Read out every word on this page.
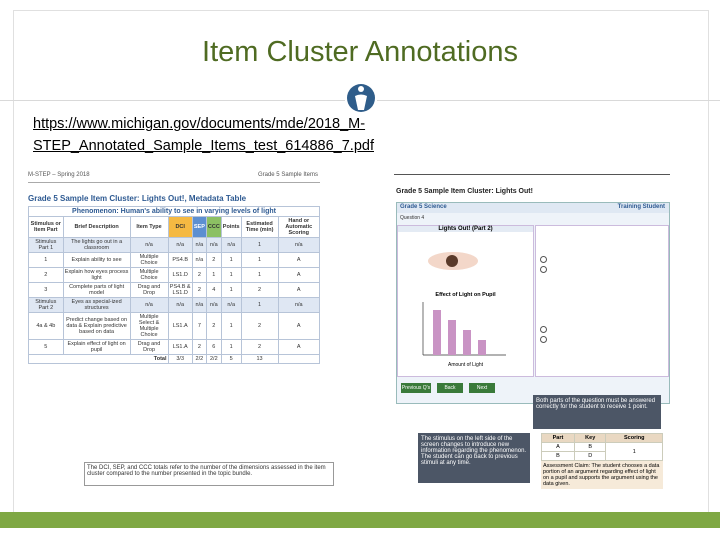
Item Cluster Annotations
https://www.michigan.gov/documents/mde/2018_M-
STEP_Annotated_Sample_Items_test_614886_7.pdf
M-STEP – Spring 2018	Grade 5 Sample Items
Grade 5 Sample Item Cluster: Lights Out!, Metadata Table
Phenomenon: Human's ability to see in varying levels of light								
Stimulus or Item Part	Brief Description	Item Type	DCI	SEP	CCC	Points	Estimated Time (min)	Hand or Automatic Scoring
Stimulus Part 1	The lights go out in a classroom	n/a	n/a	n/a	n/a	n/a	1	n/a
1	Explain ability to see	Multiple Choice	PS4.B	n/a	2	1	1	A
2	Explain how eyes process light	Multiple Choice	LS1.D	2	1	1	1	A
3	Complete parts of light model	Drag and Drop	PS4.B & LS1.D	2	4	1	2	A
Stimulus Part 2	Eyes as special-ized structures	n/a	n/a	n/a	n/a	n/a	1	n/a
4a & 4b	Predict change based on data & Explain predictive based on data	Multiple Select & Multiple Choice	LS1.A	7	2	1	2	A
5	Explain effect of light on pupil	Drag and Drop	LS1.A	2	6	1	2	A
Total			3/3	2/2	2/2	5	13	
The DCI, SEP, and CCC totals refer to the number of the dimensions assessed in the item cluster compared to the number presented in the topic bundle.
Grade 5 Sample Item Cluster: Lights Out!
Grade 5 Science	Training Student
Question 4
Lights Out! (Part 2)
Effect of Light on Pupil
Amount of Light
Previous Q's	Back	Next
Both parts of the question must be answered correctly for the student to receive 1 point.
The stimulus on the left side of the screen changes to introduce new information regarding the phenomenon. The student can go back to previous stimuli at any time.
Part	Key	Scoring
A	B	1
B	D	
Assessment Claim: The student chooses a data portion of an argument regarding effect of light on a pupil and supports the argument using the data given.
